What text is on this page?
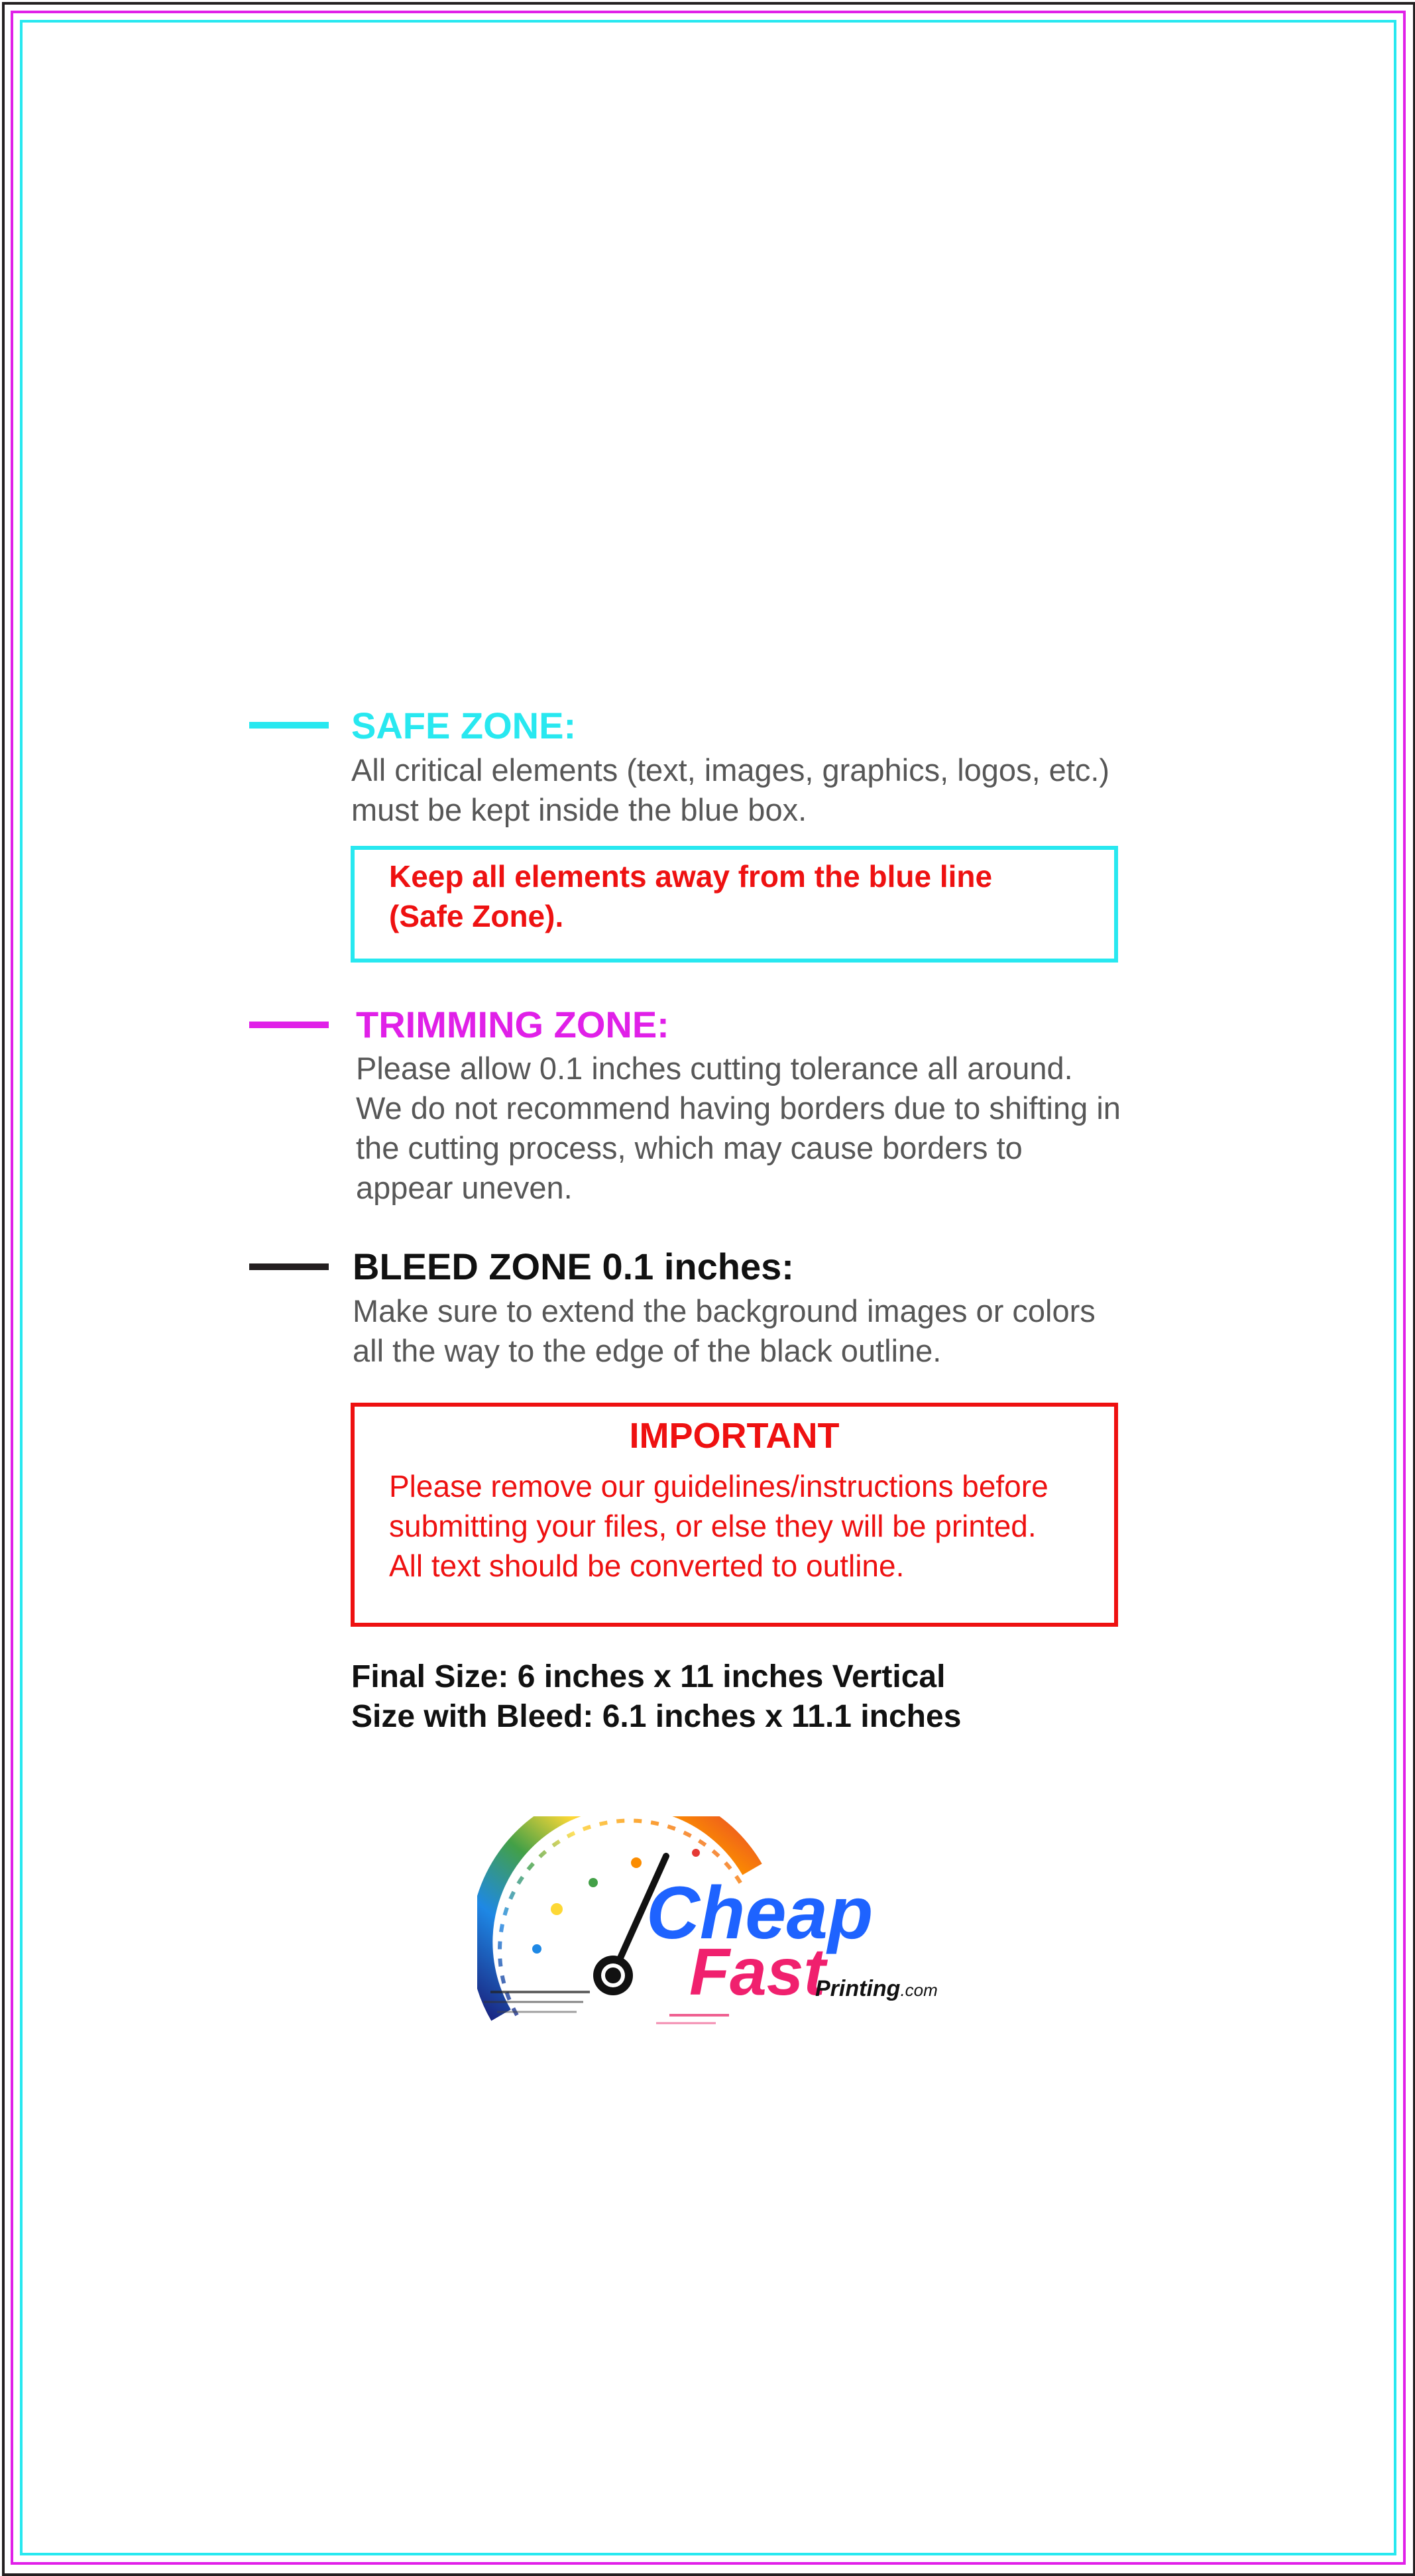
SAFE ZONE:
All critical elements (text, images, graphics, logos, etc.)
must be kept inside the blue box.
Keep all elements away from the blue line
(Safe Zone).
TRIMMING ZONE:
Please allow 0.1 inches cutting tolerance all around.
We do not recommend having borders due to shifting in
the cutting process, which may cause borders to
appear uneven.
BLEED ZONE 0.1 inches:
Make sure to extend the background images or colors
all the way to the edge of the black outline.
IMPORTANT
Please remove our guidelines/instructions before
submitting your files, or else they will be printed.
All text should be converted to outline.
Final Size: 6 inches x 11 inches Vertical
Size with Bleed: 6.1 inches x 11.1 inches
Cheap
Fast
Printing.com
